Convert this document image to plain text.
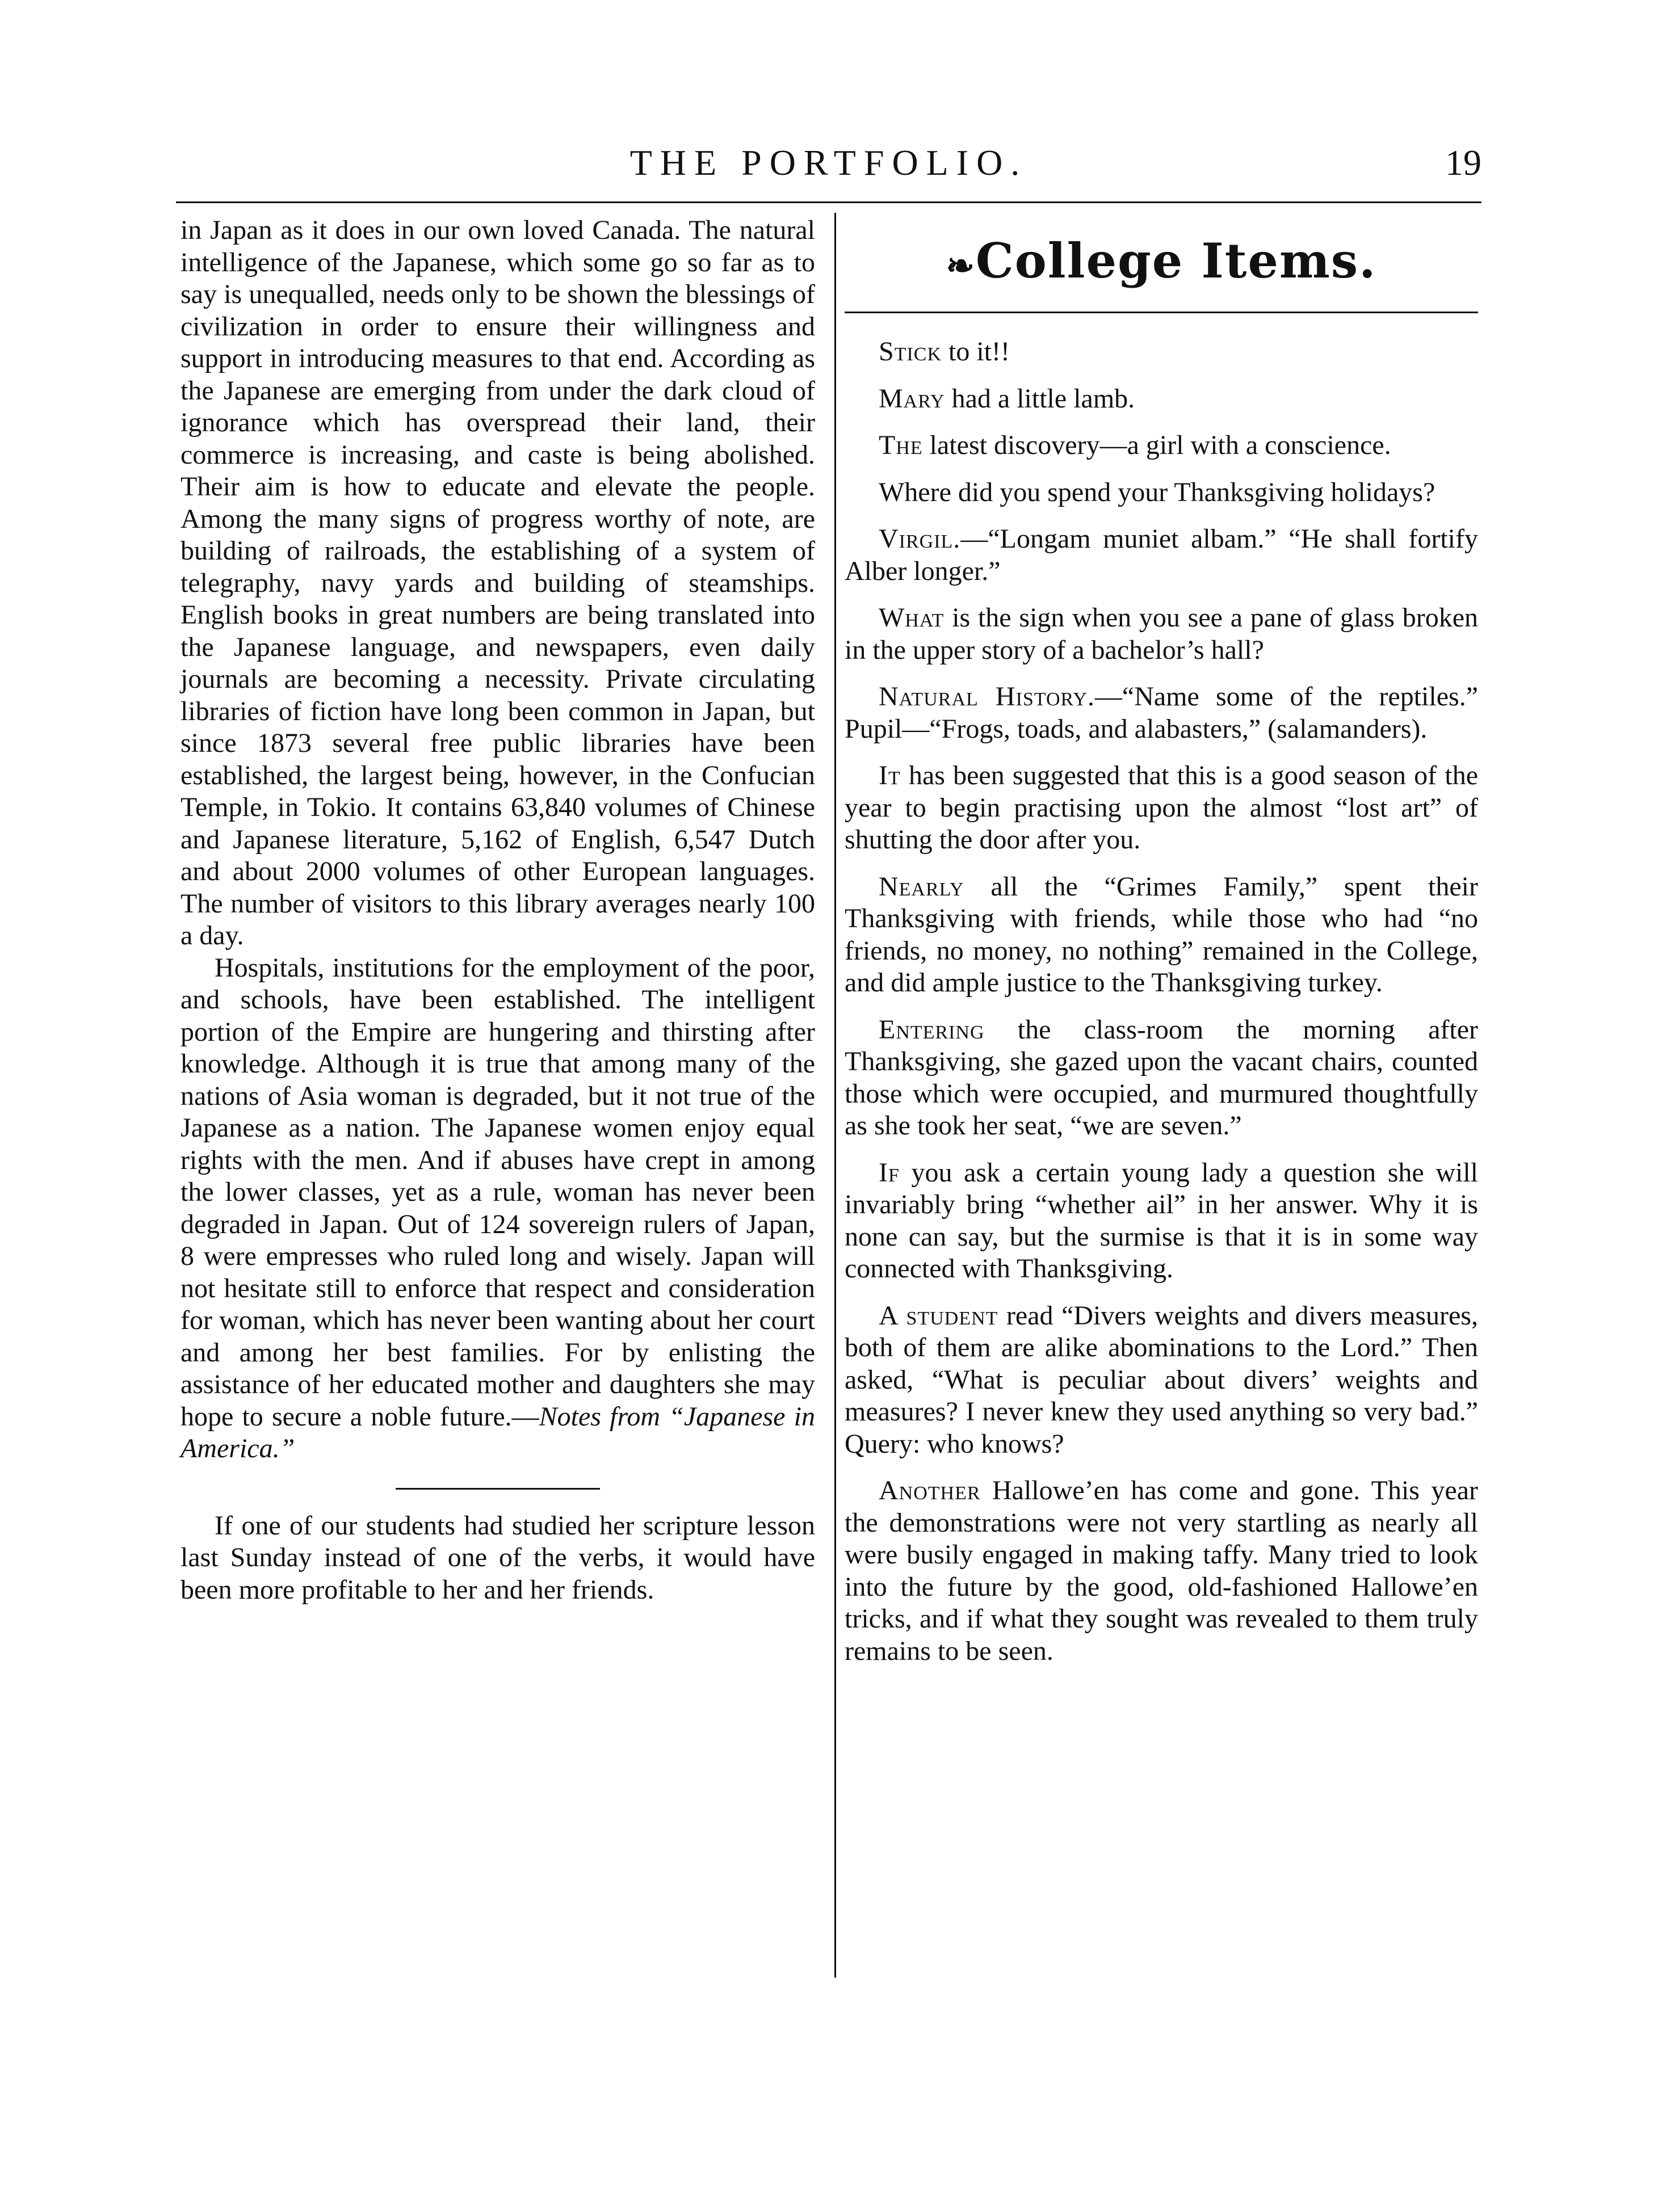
THE PORTFOLIO.	19

in Japan as it does in our own loved Canada. The natural intelligence of the Japanese, which some go so far as to say is unequalled, needs only to be shown the blessings of civilization in order to ensure their willingness and support in introducing measures to that end. According as the Japanese are emerging from under the dark cloud of ignorance which has overspread their land, their commerce is increasing, and caste is being abolished. Their aim is how to educate and elevate the people. Among the many signs of progress worthy of note, are building of railroads, the establishing of a system of telegraphy, navy yards and building of steamships. English books in great numbers are being translated into the Japanese language, and newspapers, even daily journals are becoming a necessity. Private circulating libraries of fiction have long been common in Japan, but since 1873 several free public libraries have been established, the largest being, however, in the Confucian Temple, in Tokio. It contains 63,840 volumes of Chinese and Japanese literature, 5,162 of English, 6,547 Dutch and about 2000 volumes of other European languages. The number of visitors to this library averages nearly 100 a day.

Hospitals, institutions for the employment of the poor, and schools, have been established. The intelligent portion of the Empire are hungering and thirsting after knowledge. Although it is true that among many of the nations of Asia woman is degraded, but it not true of the Japanese as a nation. The Japanese women enjoy equal rights with the men. And if abuses have crept in among the lower classes, yet as a rule, woman has never been degraded in Japan. Out of 124 sovereign rulers of Japan, 8 were empresses who ruled long and wisely. Japan will not hesitate still to enforce that respect and consideration for woman, which has never been wanting about her court and among her best families. For by enlisting the assistance of her educated mother and daughters she may hope to secure a noble future.—Notes from “Japanese in America.”

If one of our students had studied her scripture lesson last Sunday instead of one of the verbs, it would have been more profitable to her and her friends.

❧College Items.

Stick to it!!

Mary had a little lamb.

The latest discovery—a girl with a conscience.

Where did you spend your Thanksgiving holidays?

Virgil.—“Longam muniet albam.” “He shall fortify Alber longer.”

What is the sign when you see a pane of glass broken in the upper story of a bachelor’s hall?

Natural History.—“Name some of the reptiles.” Pupil—“Frogs, toads, and alabasters,” (salamanders).

It has been suggested that this is a good season of the year to begin practising upon the almost “lost art” of shutting the door after you.

Nearly all the “Grimes Family,” spent their Thanksgiving with friends, while those who had “no friends, no money, no nothing” remained in the College, and did ample justice to the Thanksgiving turkey.

Entering the class-room the morning after Thanksgiving, she gazed upon the vacant chairs, counted those which were occupied, and murmured thoughtfully as she took her seat, “we are seven.”

If you ask a certain young lady a question she will invariably bring “whether ail” in her answer. Why it is none can say, but the surmise is that it is in some way connected with Thanksgiving.

A student read “Divers weights and divers measures, both of them are alike abominations to the Lord.” Then asked, “What is peculiar about divers’ weights and measures? I never knew they used anything so very bad.” Query: who knows?

Another Hallowe’en has come and gone. This year the demonstrations were not very startling as nearly all were busily engaged in making taffy. Many tried to look into the future by the good, old-fashioned Hallowe’en tricks, and if what they sought was revealed to them truly remains to be seen.
